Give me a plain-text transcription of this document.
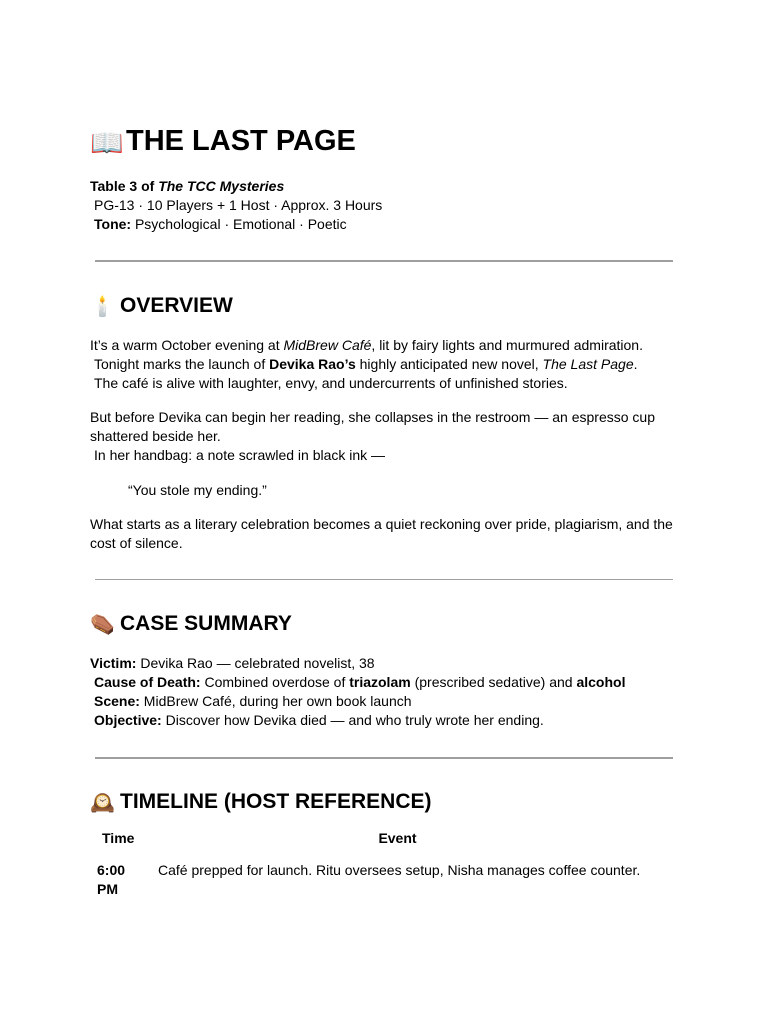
📖THE LAST PAGE
Table 3 of The TCC Mysteries
PG-13 · 10 Players + 1 Host · Approx. 3 Hours
Tone: Psychological · Emotional · Poetic
🕯️ OVERVIEW
It’s a warm October evening at MidBrew Café, lit by fairy lights and murmured admiration.
Tonight marks the launch of Devika Rao’s highly anticipated new novel, The Last Page.
The café is alive with laughter, envy, and undercurrents of unfinished stories.
But before Devika can begin her reading, she collapses in the restroom — an espresso cup
shattered beside her.
In her handbag: a note scrawled in black ink —
“You stole my ending.”
What starts as a literary celebration becomes a quiet reckoning over pride, plagiarism, and the
cost of silence.
⚰️ CASE SUMMARY
Victim: Devika Rao — celebrated novelist, 38
Cause of Death: Combined overdose of triazolam (prescribed sedative) and alcohol
Scene: MidBrew Café, during her own book launch
Objective: Discover how Devika died — and who truly wrote her ending.
🕰️ TIMELINE (HOST REFERENCE)
Time	Event

6:00
PM	Café prepped for launch. Ritu oversees setup, Nisha manages coffee counter.
